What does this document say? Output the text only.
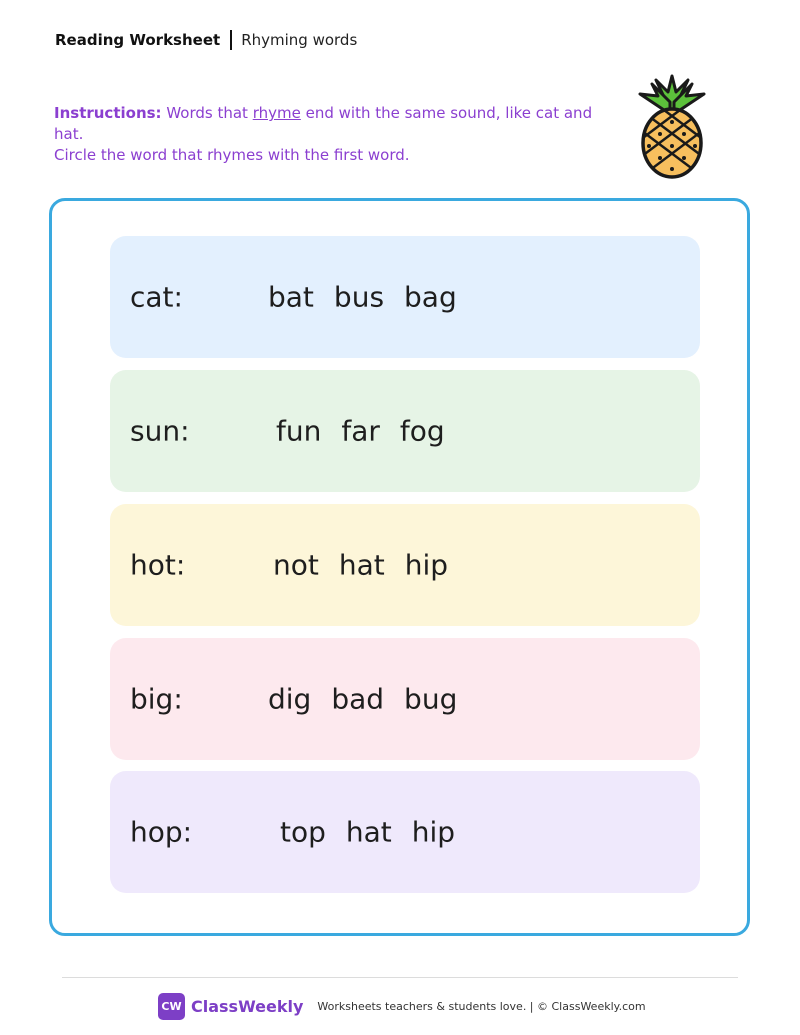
Reading Worksheet Rhyming words
Instructions: Words that rhyme end with the same sound, like cat and hat.
Circle the word that rhymes with the first word.
cat:	bat bus bag
sun:	fun far fog
hot:	not hat hip
big:	dig bad bug
hop:	top hat hip
CW ClassWeekly Worksheets teachers & students love. | © ClassWeekly.com
